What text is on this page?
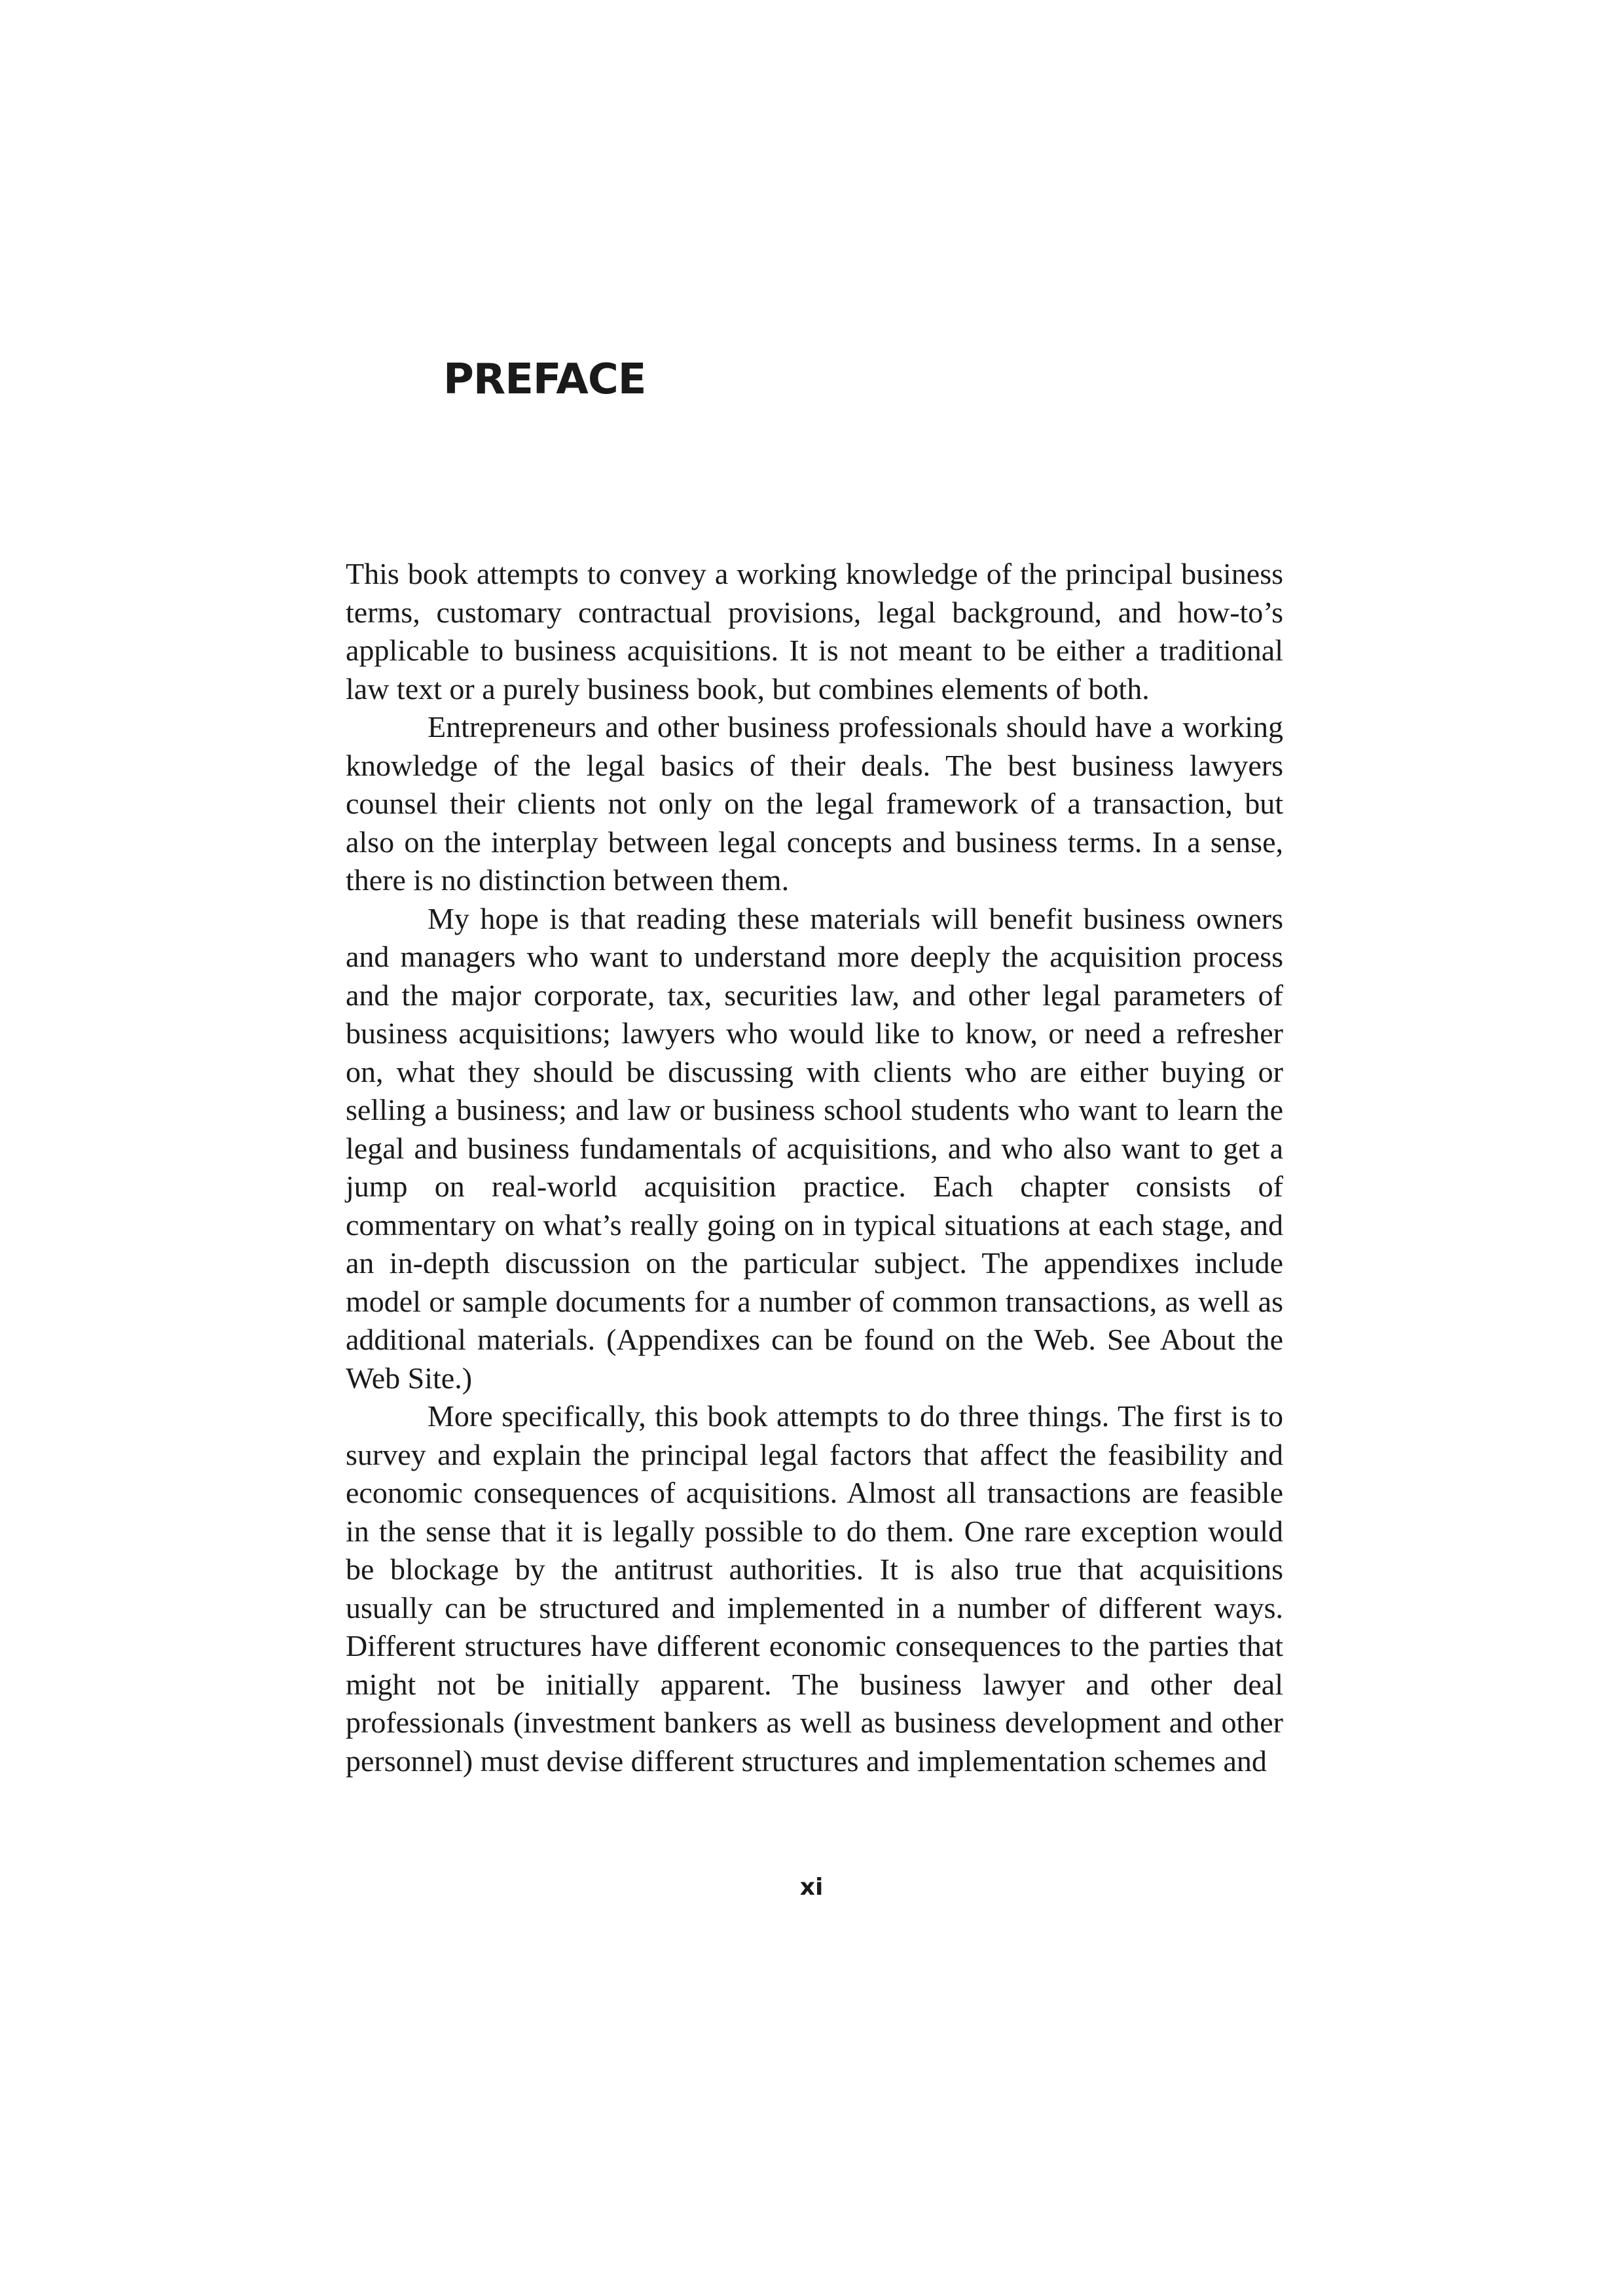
PREFACE

This book attempts to convey a working knowledge of the principal business terms, customary contractual provisions, legal background, and how-to’s applicable to business acquisitions. It is not meant to be either a traditional law text or a purely business book, but combines elements of both.

Entrepreneurs and other business professionals should have a working knowledge of the legal basics of their deals. The best business lawyers counsel their clients not only on the legal framework of a transaction, but also on the interplay between legal concepts and business terms. In a sense, there is no distinction between them.

My hope is that reading these materials will benefit business owners and managers who want to understand more deeply the acquisition process and the major corporate, tax, securities law, and other legal parameters of business acquisitions; lawyers who would like to know, or need a refresher on, what they should be discussing with clients who are either buying or selling a business; and law or business school students who want to learn the legal and business fundamentals of acquisitions, and who also want to get a jump on real-world acquisition practice. Each chapter consists of commentary on what’s really going on in typical situations at each stage, and an in-depth discussion on the particular subject. The appendixes include model or sample documents for a number of common transactions, as well as additional materials. (Appendixes can be found on the Web. See About the Web Site.)

More specifically, this book attempts to do three things. The first is to survey and explain the principal legal factors that affect the feasibility and economic consequences of acquisitions. Almost all transactions are feasible in the sense that it is legally possible to do them. One rare exception would be blockage by the antitrust authorities. It is also true that acquisitions usually can be structured and implemented in a number of different ways. Different structures have different economic consequences to the parties that might not be initially apparent. The business lawyer and other deal professionals (investment bankers as well as business development and other personnel) must devise different structures and implementation schemes and

xi
